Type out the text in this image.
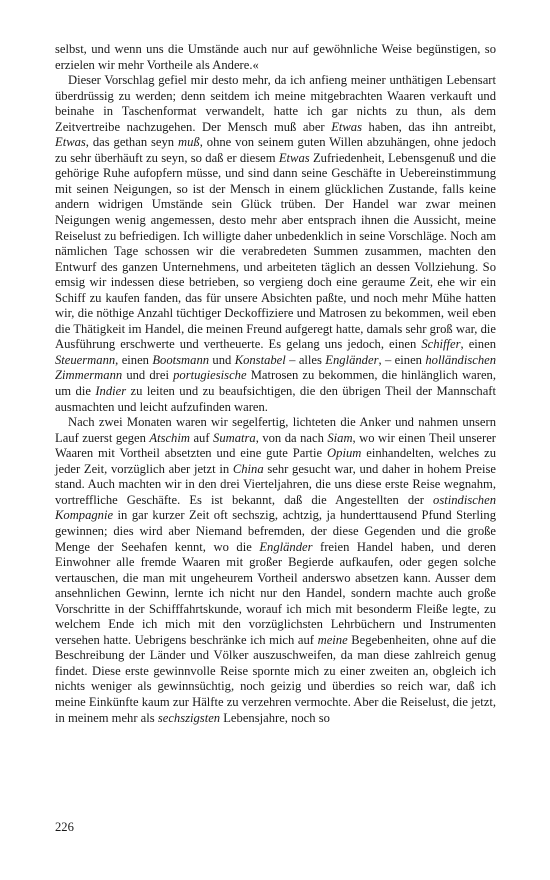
selbst, und wenn uns die Umstände auch nur auf gewöhnliche Weise begünstigen, so erzielen wir mehr Vortheile als Andere.«

Dieser Vorschlag gefiel mir desto mehr, da ich anfieng meiner unthätigen Lebensart überdrüssig zu werden; denn seitdem ich meine mitgebrachten Waaren verkauft und beinahe in Taschenformat verwandelt, hatte ich gar nichts zu thun, als dem Zeitvertreibe nachzugehen. Der Mensch muß aber Etwas haben, das ihn antreibt, Etwas, das gethan seyn muß, ohne von seinem guten Willen abzuhängen, ohne jedoch zu sehr überhäuft zu seyn, so daß er diesem Etwas Zufriedenheit, Lebensgenuß und die gehörige Ruhe aufopfern müsse, und sind dann seine Geschäfte in Uebereinstimmung mit seinen Neigungen, so ist der Mensch in einem glücklichen Zustande, falls keine andern widrigen Umstände sein Glück trüben. Der Handel war zwar meinen Neigungen wenig angemessen, desto mehr aber entsprach ihnen die Aussicht, meine Reiselust zu befriedigen. Ich willigte daher unbedenklich in seine Vorschläge. Noch am nämlichen Tage schossen wir die verabredeten Summen zusammen, machten den Entwurf des ganzen Unternehmens, und arbeiteten täglich an dessen Vollziehung. So emsig wir indessen diese betrieben, so vergieng doch eine geraume Zeit, ehe wir ein Schiff zu kaufen fanden, das für unsere Absichten paßte, und noch mehr Mühe hatten wir, die nöthige Anzahl tüchtiger Deckoffiziere und Matrosen zu bekommen, weil eben die Thätigkeit im Handel, die meinen Freund aufgeregt hatte, damals sehr groß war, die Ausführung erschwerte und vertheuerte. Es gelang uns jedoch, einen Schiffer, einen Steuermann, einen Bootsmann und Konstabel – alles Engländer, – einen holländischen Zimmermann und drei portugiesische Matrosen zu bekommen, die hinlänglich waren, um die Indier zu leiten und zu beaufsichtigen, die den übrigen Theil der Mannschaft ausmachten und leicht aufzufinden waren.

Nach zwei Monaten waren wir segelfertig, lichteten die Anker und nahmen unsern Lauf zuerst gegen Atschim auf Sumatra, von da nach Siam, wo wir einen Theil unserer Waaren mit Vortheil absetzten und eine gute Partie Opium einhandelten, welches zu jeder Zeit, vorzüglich aber jetzt in China sehr gesucht war, und daher in hohem Preise stand. Auch machten wir in den drei Vierteljahren, die uns diese erste Reise wegnahm, vortreffliche Geschäfte. Es ist bekannt, daß die Angestellten der ostindischen Kompagnie in gar kurzer Zeit oft sechszig, achtzig, ja hunderttausend Pfund Sterling gewinnen; dies wird aber Niemand befremden, der diese Gegenden und die große Menge der Seehafen kennt, wo die Engländer freien Handel haben, und deren Einwohner alle fremde Waaren mit großer Begierde aufkaufen, oder gegen solche vertauschen, die man mit ungeheurem Vortheil anderswo absetzen kann. Ausser dem ansehnlichen Gewinn, lernte ich nicht nur den Handel, sondern machte auch große Vorschritte in der Schifffahrtskunde, worauf ich mich mit besonderm Fleiße legte, zu welchem Ende ich mich mit den vorzüglichsten Lehrbüchern und Instrumenten versehen hatte. Uebrigens beschränke ich mich auf meine Begebenheiten, ohne auf die Beschreibung der Länder und Völker auszuschweifen, da man diese zahlreich genug findet. Diese erste gewinnvolle Reise spornte mich zu einer zweiten an, obgleich ich nichts weniger als gewinnsüchtig, noch geizig und überdies so reich war, daß ich meine Einkünfte kaum zur Hälfte zu verzehren vermochte. Aber die Reiselust, die jetzt, in meinem mehr als sechszigsten Lebensjahre, noch so

226
